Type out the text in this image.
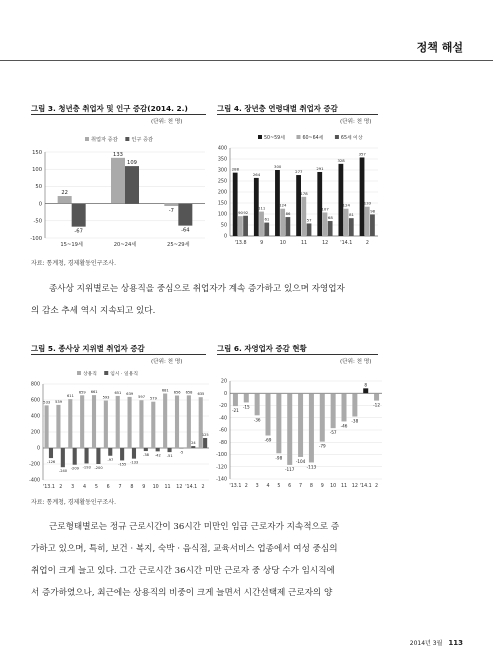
정책 해설
그림 3. 청년층 취업자 및 인구 증감(2014. 2.)
(단위: 천 명)
-100
-50
0
50
100
150
취업자 증감	인구 증감
22
-67
15~19세
133
109
20~24세
-7
-64
25~29세
그림 4. 장년층 연령대별 취업자 증감
(단위: 천 명)
0
50
100
150
200
250
300
350
400
50~59세	60~64세	65세 이상
288
90 92
'13.8
264
111
61
9
300
124
86
10
277
178
57
11
291
107
68
12
328
124
81
'14.1
357
133
98
2
자료: 통계청, 경제활동인구조사.
종사상 지위별로는 상용직을 중심으로 취업자가 계속 증가하고 있으며 자영업자
의 감소 추세 역시 지속되고 있다.
그림 5. 종사상 지위별 취업자 증감
(단위: 천 명)
-400
-200
0
200
400
600
800
상용직	임시 · 일용직
533
-126
'13.1
539
-240
2
611
-209
3
659
-193
4
661
-200
5
593
-97
6
651
-155
7
639
-133
8
597
-38
9
579
-42
10
681
-51
11
656
-5
12
658
24
'14.1
635
125
2
그림 6. 자영업자 증감 현황
(단위: 천 명)
-140
-120
-100
-80
-60
-40
-20
0
20
-21
'13.1
-15
2
-36
3
-69
4
-98
5
-117
6
-104
7
-113
8
-79
9
-57
10
-46
11
-38
12
8
'14.1
-12
2
자료: 통계청, 경제활동인구조사.
근로형태별로는 정규 근로시간이 36시간 미만인 임금 근로자가 지속적으로 증
가하고 있으며, 특히, 보건 · 복지, 숙박 · 음식점, 교육서비스 업종에서 여성 중심의
취업이 크게 늘고 있다. 그간 근로시간 36시간 미만 근로자 중 상당 수가 임시직에
서 증가하였으나, 최근에는 상용직의 비중이 크게 늘면서 시간선택제 근로자의 양
2014년 3월 113
